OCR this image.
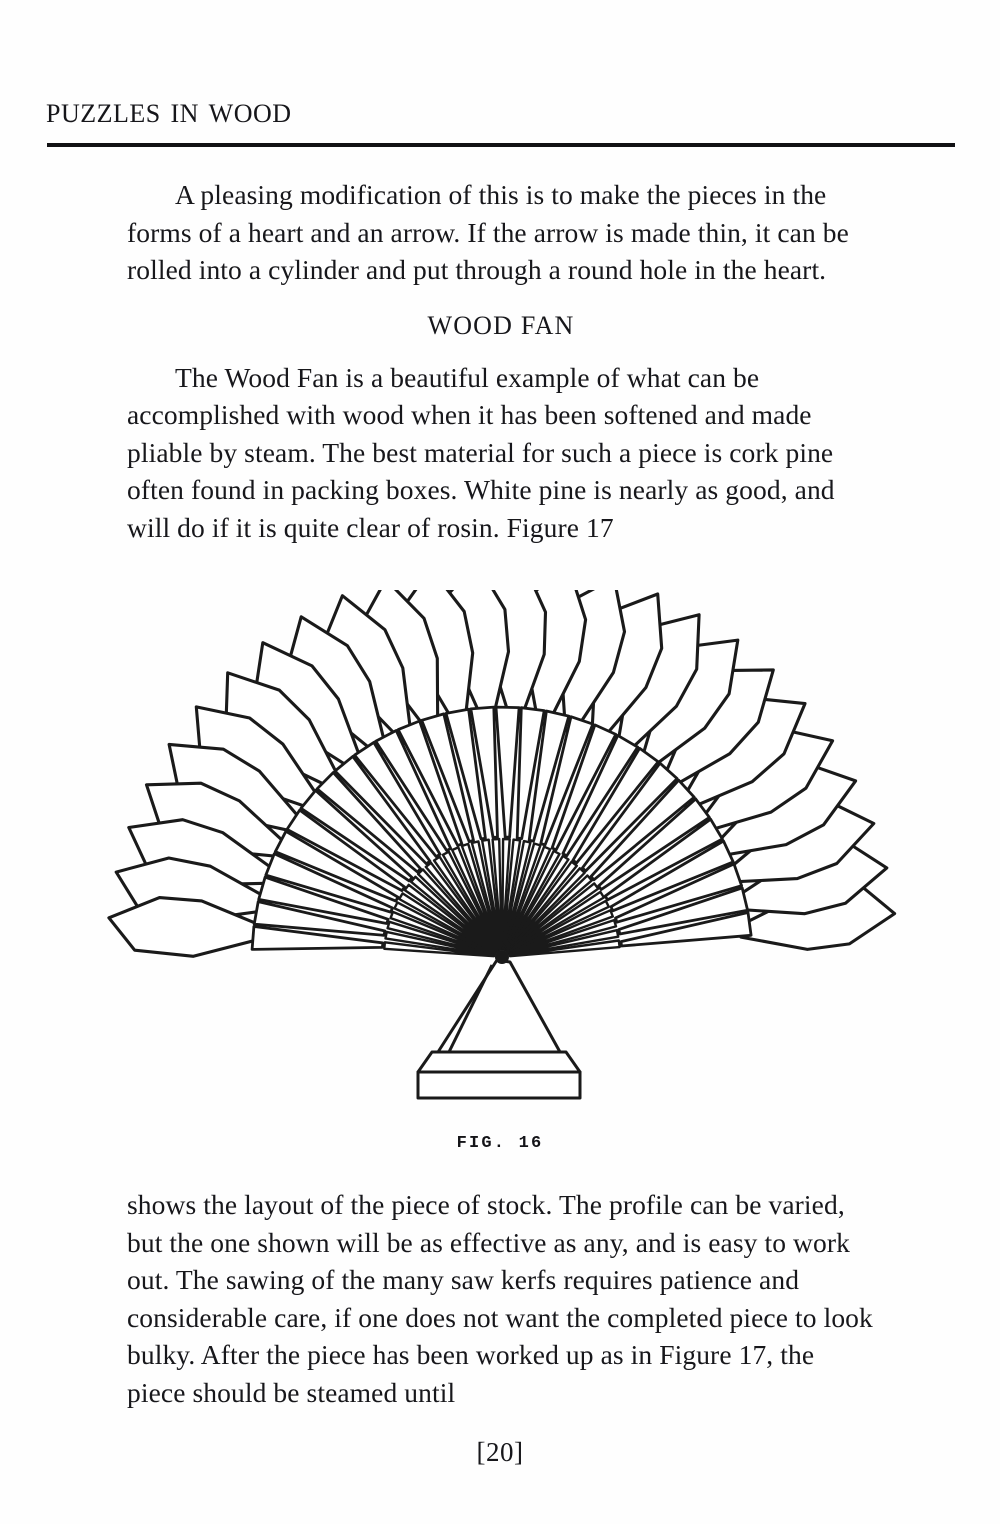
puzzles in wood

A pleasing modification of this is to make the pieces in the forms of a heart and an arrow. If the arrow is made thin, it can be rolled into a cylinder and put through a round hole in the heart.

WOOD FAN

The Wood Fan is a beautiful example of what can be accomplished with wood when it has been softened and made pliable by steam. The best material for such a piece is cork pine often found in packing boxes. White pine is nearly as good, and will do if it is quite clear of rosin. Figure 17

FIG. 16

shows the layout of the piece of stock. The profile can be varied, but the one shown will be as effective as any, and is easy to work out. The sawing of the many saw kerfs requires patience and considerable care, if one does not want the completed piece to look bulky. After the piece has been worked up as in Figure 17, the piece should be steamed until

[20]
